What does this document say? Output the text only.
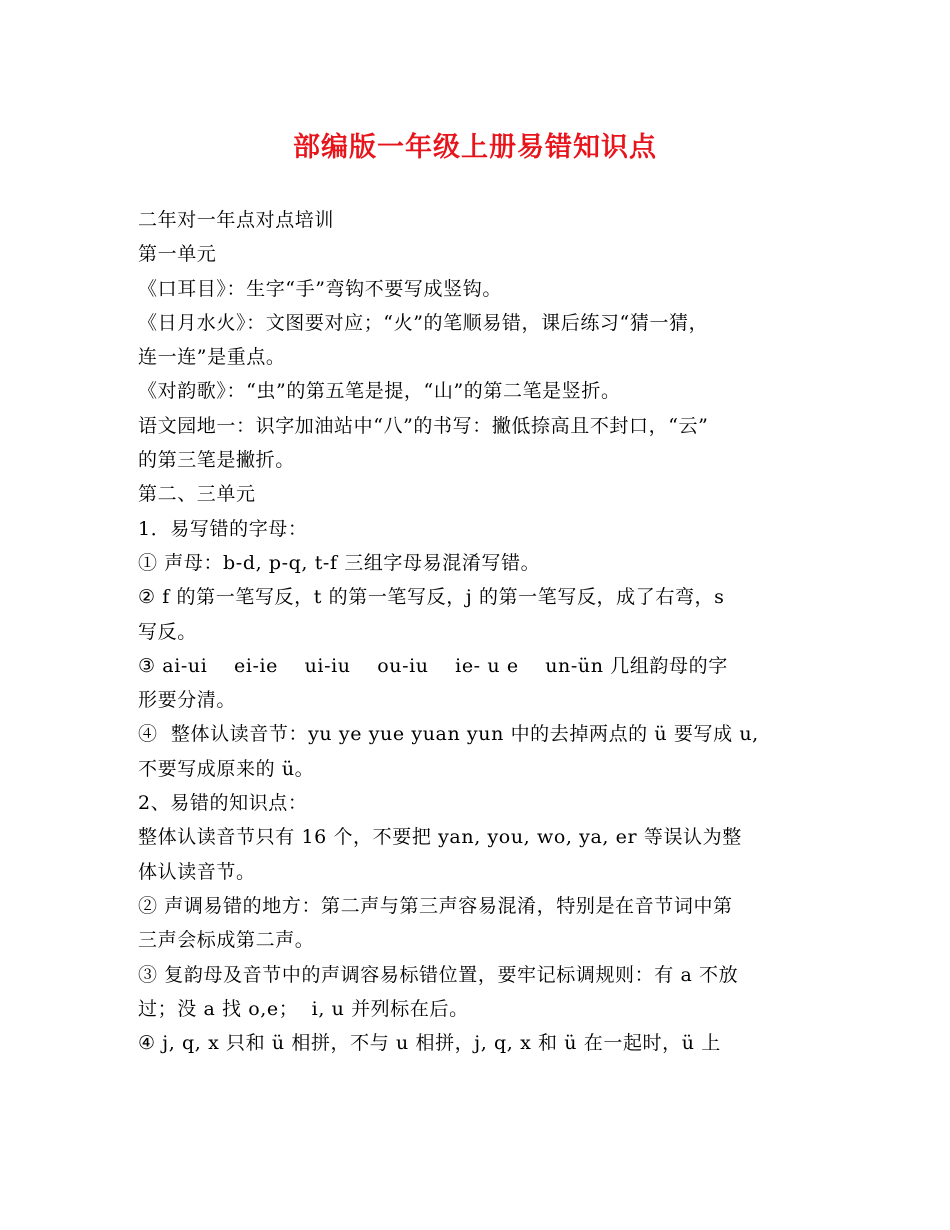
部编版一年级上册易错知识点

二年对一年点对点培训

第一单元

《口耳目》：生字“手”弯钩不要写成竖钩。

《日月水火》：文图要对应；“火”的笔顺易错，课后练习“猜一猜，

连一连”是重点。

《对韵歌》：“虫”的第五笔是提，“山”的第二笔是竖折。

语文园地一：识字加油站中“八”的书写：撇低捺高且不封口，“云”

的第三笔是撇折。

第二、三单元

1．易写错的字母：

① 声母：b-d, p-q, t-f 三组字母易混淆写错。

② f 的第一笔写反，t 的第一笔写反，j 的第一笔写反，成了右弯，s

写反。

③ ai-ui    ei-ie    ui-iu    ou-iu    ie- u e    un-ün 几组韵母的字

形要分清。

④  整体认读音节：yu ye yue yuan yun 中的去掉两点的 ü 要写成 u,

不要写成原来的 ü。

2、易错的知识点：

整体认读音节只有 16 个，不要把 yan, you, wo, ya, er 等误认为整

体认读音节。

② 声调易错的地方：第二声与第三声容易混淆，特别是在音节词中第

三声会标成第二声。

③ 复韵母及音节中的声调容易标错位置，要牢记标调规则：有 a 不放

过；没 a 找 o,e；  i, u 并列标在后。

④ j, q, x 只和 ü 相拼，不与 u 相拼，j, q, x 和 ü 在一起时，ü 上
